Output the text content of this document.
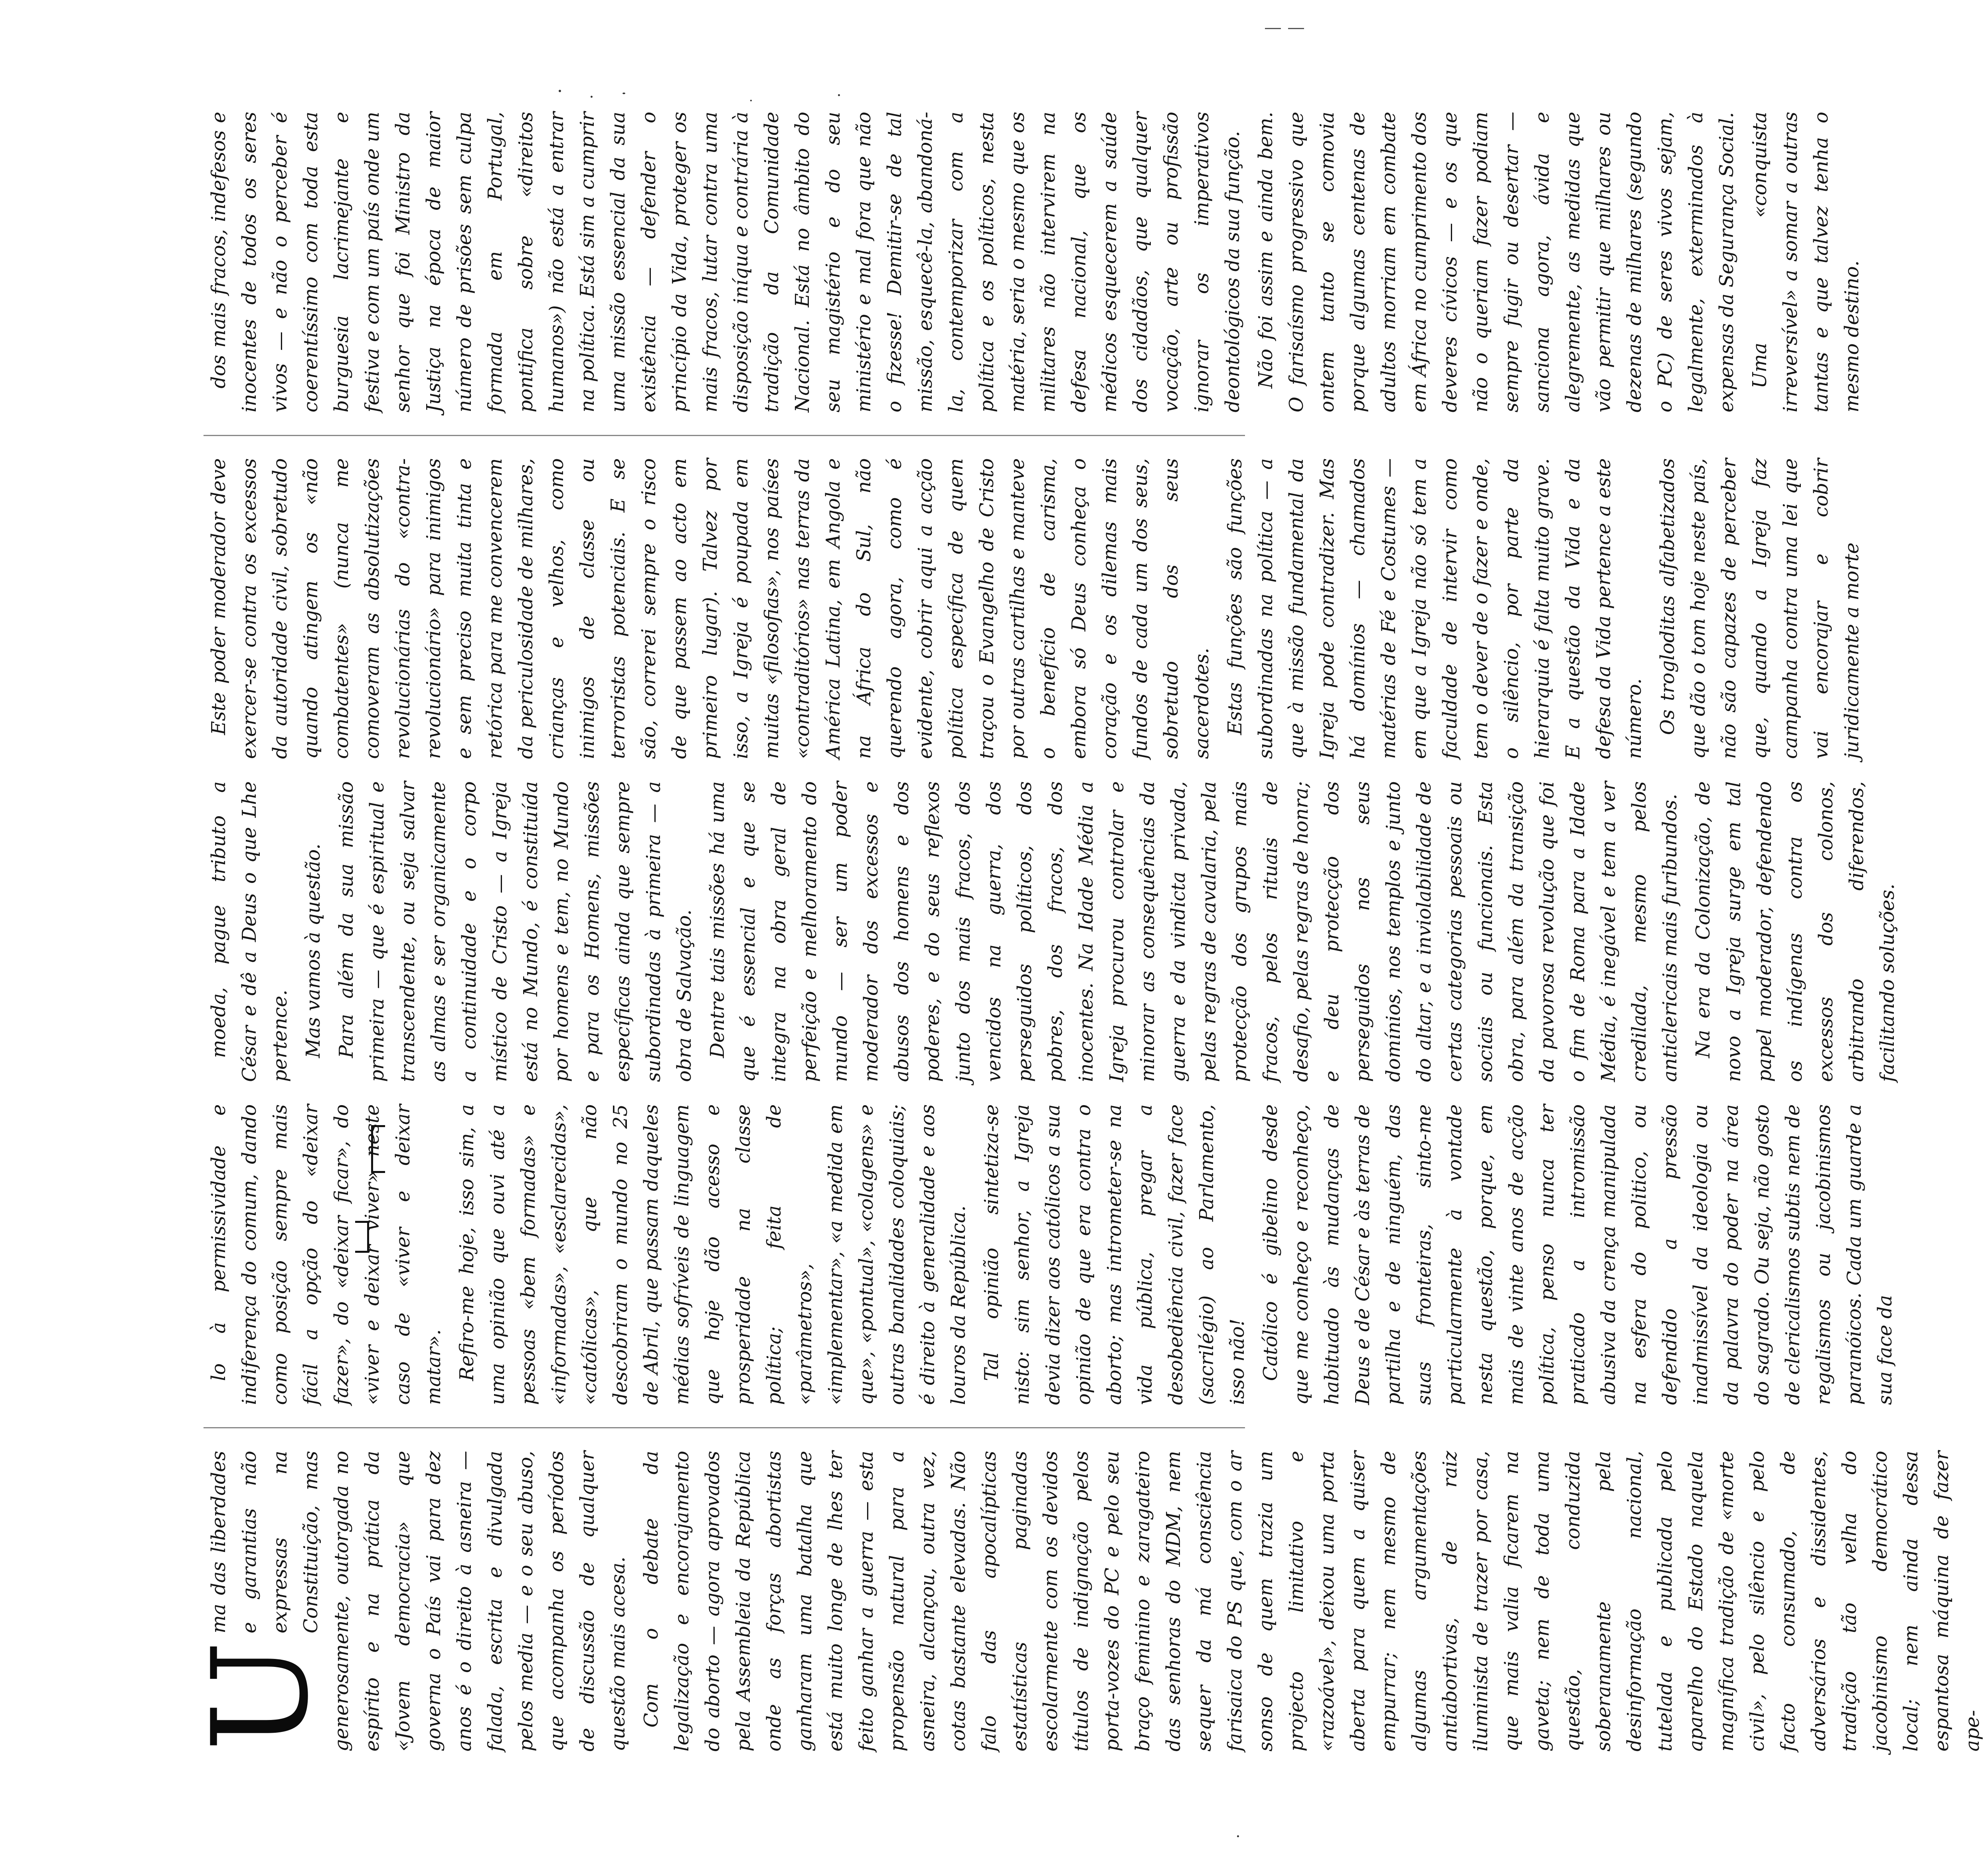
U
ma das liberdades e garantias não expressas na Constituição, mas generosamente, outorgada no espírito e na prática da «Jovem democracia» que governa o País vai para dez anos é o direito à asneira — falada, escrita e divulgada pelos media — e o seu abuso, que acompanha os períodos de discussão de qualquer questão mais acesa. Com o debate da legalização e encorajamento do aborto — agora aprovados pela Assembleia da República onde as forças abortistas ganharam uma batalha que está muito longe de lhes ter feito ganhar a guerra — esta propensão natural para a asneira, alcançou, outra vez, cotas bastante elevadas. Não falo das apocalípticas estatísticas paginadas escolarmente com os devidos títulos de indignação pelos porta-vozes do PC e pelo seu braço feminino e zaragateiro das senhoras do MDM, nem sequer da má consciência farisaica do PS que, com o ar sonso de quem trazia um projecto limitativo e «razoável», deixou uma porta aberta para quem a quiser empurrar; nem mesmo de algumas argumentações antiabortivas, de raiz iluminista de trazer por casa, que mais valia ficarem na gaveta; nem de toda uma questão, conduzida soberanamente pela desinformação nacional, tutelada e publicada pelo aparelho do Estado naquela magnífica tradição de «morte civil», pelo silêncio e pelo facto consumado, de adversários e dissidentes, tradição tão velha do jacobinismo democrático local; nem ainda dessa espantosa máquina de fazer ape-

lo à permissividade e indiferença do comum, dando como posição sempre mais fácil a opção do «deixar fazer», do «deixar ficar», do «viver e deixar viver» neste caso de «viver e deixar matar». Refiro-me hoje, isso sim, a uma opinião que ouvi até a pessoas «bem formadas» e «informadas», «esclarecidas», «católicas», que não descobriram o mundo no 25 de Abril, que passam daqueles médias sofríveis de linguagem que hoje dão acesso e prosperidade na classe política; feita de «parâmetros», «implementar», «a medida em que», «pontual», «colagens» e outras banalidades coloquiais; é direito à generalidade e aos louros da República. Tal opinião sintetiza-se nisto: sim senhor, a Igreja devia dizer aos católicos a sua opinião de que era contra o aborto; mas intrometer-se na vida pública, pregar a desobediência civil, fazer face (sacrilégio) ao Parlamento, isso não! Católico é gibelino desde que me conheço e reconheço, habituado às mudanças de Deus e de César e às terras de partilha e de ninguém, das suas fronteiras, sinto-me particularmente à vontade nesta questão, porque, em mais de vinte anos de acção política, penso nunca ter praticado a intromissão abusiva da crença manipulada na esfera do politico, ou defendido a pressão inadmissível da ideologia ou da palavra do poder na área do sagrado. Ou seja, não gosto de clericalismos subtis nem de regalismos ou jacobinismos paranóicos. Cada um guarde a sua face da

moeda, pague tributo a César e dê a Deus o que Lhe pertence. Mas vamos à questão. Para além da sua missão primeira — que é espiritual e transcendente, ou seja salvar as almas e ser organicamente a continuidade e o corpo místico de Cristo — a Igreja está no Mundo, é constituída por homens e tem, no Mundo e para os Homens, missões específicas ainda que sempre subordinadas à primeira — a obra de Salvação. Dentre tais missões há uma que é essencial e que se integra na obra geral de perfeição e melhoramento do mundo — ser um poder moderador dos excessos e abusos dos homens e dos poderes, e do seus reflexos junto dos mais fracos, dos vencidos na guerra, dos perseguidos políticos, dos pobres, dos fracos, dos inocentes. Na Idade Média a Igreja procurou controlar e minorar as consequências da guerra e da vindicta privada, pelas regras de cavalaria, pela protecção dos grupos mais fracos, pelos rituais de desafio, pelas regras de honra; e deu protecção dos perseguidos nos seus domínios, nos templos e junto do altar, e a inviolabilidade de certas categorias pessoais ou sociais ou funcionais. Esta obra, para além da transição da pavorosa revolução que foi o fim de Roma para a Idade Média, é inegável e tem a ver credilada, mesmo pelos anticlericais mais furibundos. Na era da Colonização, de novo a Igreja surge em tal papel moderador, defendendo os indígenas contra os excessos dos colonos, arbitrando diferendos, facilitando soluções.

Este poder moderador deve exercer-se contra os excessos da autoridade civil, sobretudo quando atingem os «não combatentes» (nunca me comoveram as absolutizações revolucionárias do «contra-revolucionário» para inimigos e sem preciso muita tinta e retórica para me convencerem da periculosidade de milhares, crianças e velhos, como inimigos de classe ou terroristas potenciais. E se são, correrei sempre o risco de que passem ao acto em primeiro lugar). Talvez por isso, a Igreja é poupada em muitas «filosofias», nos países «contraditórios» nas terras da América Latina, em Angola e na África do Sul, não querendo agora, como é evidente, cobrir aqui a acção política específica de quem traçou o Evangelho de Cristo por outras cartilhas e manteve o benefício de carisma, embora só Deus conheça o coração e os dilemas mais fundos de cada um dos seus, sobretudo dos seus sacerdotes. Estas funções são funções subordinadas na política — a que à missão fundamental da Igreja pode contradizer. Mas há domínios — chamados matérias de Fé e Costumes — em que a Igreja não só tem a faculdade de intervir como tem o dever de o fazer e onde, o silêncio, por parte da hierarquia é falta muito grave. E a questão da Vida e da defesa da Vida pertence a este número. Os trogloditas alfabetizados que dão o tom hoje neste país, não são capazes de perceber que, quando a Igreja faz campanha contra uma lei que vai encorajar e cobrir juridicamente a morte

dos mais fracos, indefesos e inocentes de todos os seres vivos — e não o perceber é coerentíssimo com toda esta burguesia lacrimejante e festiva e com um país onde um senhor que foi Ministro da Justiça na época de maior número de prisões sem culpa formada em Portugal, pontifica sobre «direitos humanos») não está a entrar na política. Está sim a cumprir uma missão essencial da sua existência — defender o princípio da Vida, proteger os mais fracos, lutar contra uma disposição iníqua e contrária à tradição da Comunidade Nacional. Está no âmbito do seu magistério e do seu ministério e mal fora que não o fizesse! Demitir-se de tal missão, esquecê-la, abandoná-la, contemporizar com a política e os políticos, nesta matéria, seria o mesmo que os militares não intervirem na defesa nacional, que os médicos esquecerem a saúde dos cidadãos, que qualquer vocação, arte ou profissão ignorar os imperativos deontológicos da sua função. Não foi assim e ainda bem. O farisaísmo progressivo que ontem tanto se comovia porque algumas centenas de adultos morriam em combate em África no cumprimento dos deveres cívicos — e os que não o queriam fazer podiam sempre fugir ou desertar — sanciona agora, ávida e alegremente, as medidas que vão permitir que milhares ou dezenas de milhares (segundo o PC) de seres vivos sejam, legalmente, exterminados à expensas da Segurança Social. Uma «conquista irreversível» a somar a outras tantas e que talvez tenha o mesmo destino.
